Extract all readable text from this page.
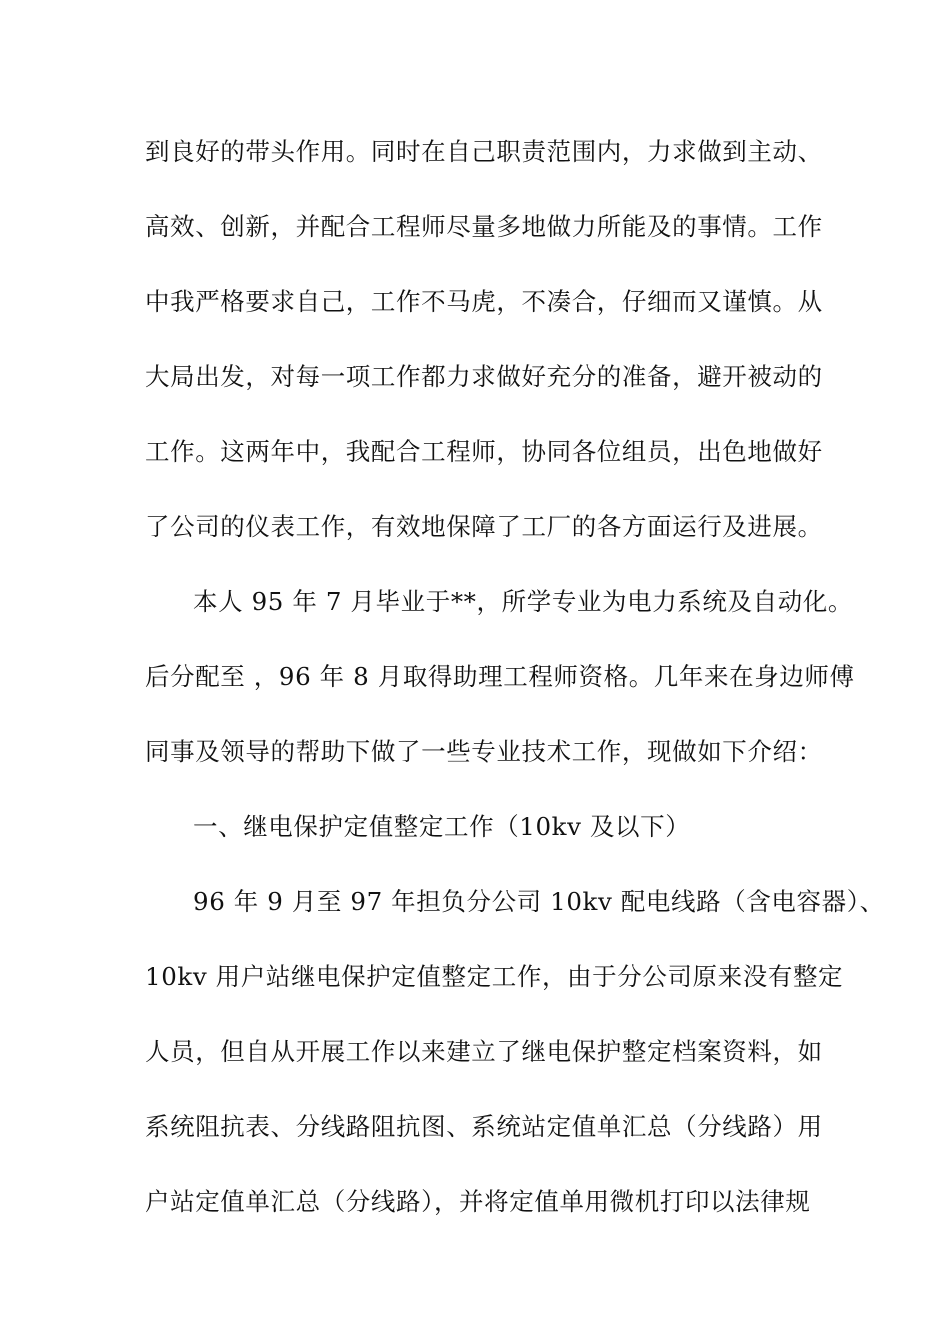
到良好的带头作用。同时在自己职责范围内，力求做到主动、
高效、创新，并配合工程师尽量多地做力所能及的事情。工作
中我严格要求自己，工作不马虎，不凑合，仔细而又谨慎。从
大局出发，对每一项工作都力求做好充分的准备，避开被动的
工作。这两年中，我配合工程师，协同各位组员，出色地做好
了公司的仪表工作，有效地保障了工厂的各方面运行及进展。
本人 95 年 7 月毕业于**，所学专业为电力系统及自动化。
后分配至 ，96 年 8 月取得助理工程师资格。几年来在身边师傅
同事及领导的帮助下做了一些专业技术工作，现做如下介绍：
一、继电保护定值整定工作（10kv 及以下）
96 年 9 月至 97 年担负分公司 10kv 配电线路（含电容器）、
10kv 用户站继电保护定值整定工作，由于分公司原来没有整定
人员，但自从开展工作以来建立了继电保护整定档案资料，如
系统阻抗表、分线路阻抗图、系统站定值单汇总（分线路）用
户站定值单汇总（分线路），并将定值单用微机打印以法律规
